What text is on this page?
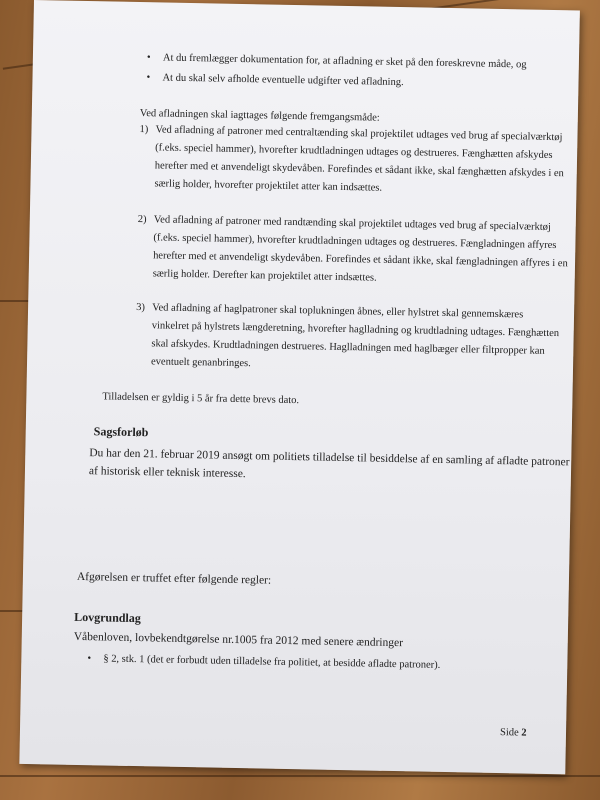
• At du fremlægger dokumentation for, at afladning er sket på den foreskrevne måde, og
• At du skal selv afholde eventuelle udgifter ved afladning.
Ved afladningen skal iagttages følgende fremgangsmåde:
1) Ved afladning af patroner med centraltænding skal projektilet udtages ved brug af specialværktøj
(f.eks. speciel hammer), hvorefter krudtladningen udtages og destrueres. Fænghætten afskydes
herefter med et anvendeligt skydevåben. Forefindes et sådant ikke, skal fænghætten afskydes i en
særlig holder, hvorefter projektilet atter kan indsættes.
2) Ved afladning af patroner med randtænding skal projektilet udtages ved brug af specialværktøj
(f.eks. speciel hammer), hvorefter krudtladningen udtages og destrueres. Fængladningen affyres
herefter med et anvendeligt skydevåben. Forefindes et sådant ikke, skal fængladningen affyres i en
særlig holder. Derefter kan projektilet atter indsættes.
3) Ved afladning af haglpatroner skal toplukningen åbnes, eller hylstret skal gennemskæres
vinkelret på hylstrets længderetning, hvorefter haglladning og krudtladning udtages. Fænghætten
skal afskydes. Krudtladningen destrueres. Haglladningen med haglbæger eller filtpropper kan
eventuelt genanbringes.
Tilladelsen er gyldig i 5 år fra dette brevs dato.
Sagsforløb
Du har den 21. februar 2019 ansøgt om politiets tilladelse til besiddelse af en samling af afladte patroner
af historisk eller teknisk interesse.
Afgørelsen er truffet efter følgende regler:
Lovgrundlag
Våbenloven, lovbekendtgørelse nr.1005 fra 2012 med senere ændringer
• § 2, stk. 1 (det er forbudt uden tilladelse fra politiet, at besidde afladte patroner).
Side 2
